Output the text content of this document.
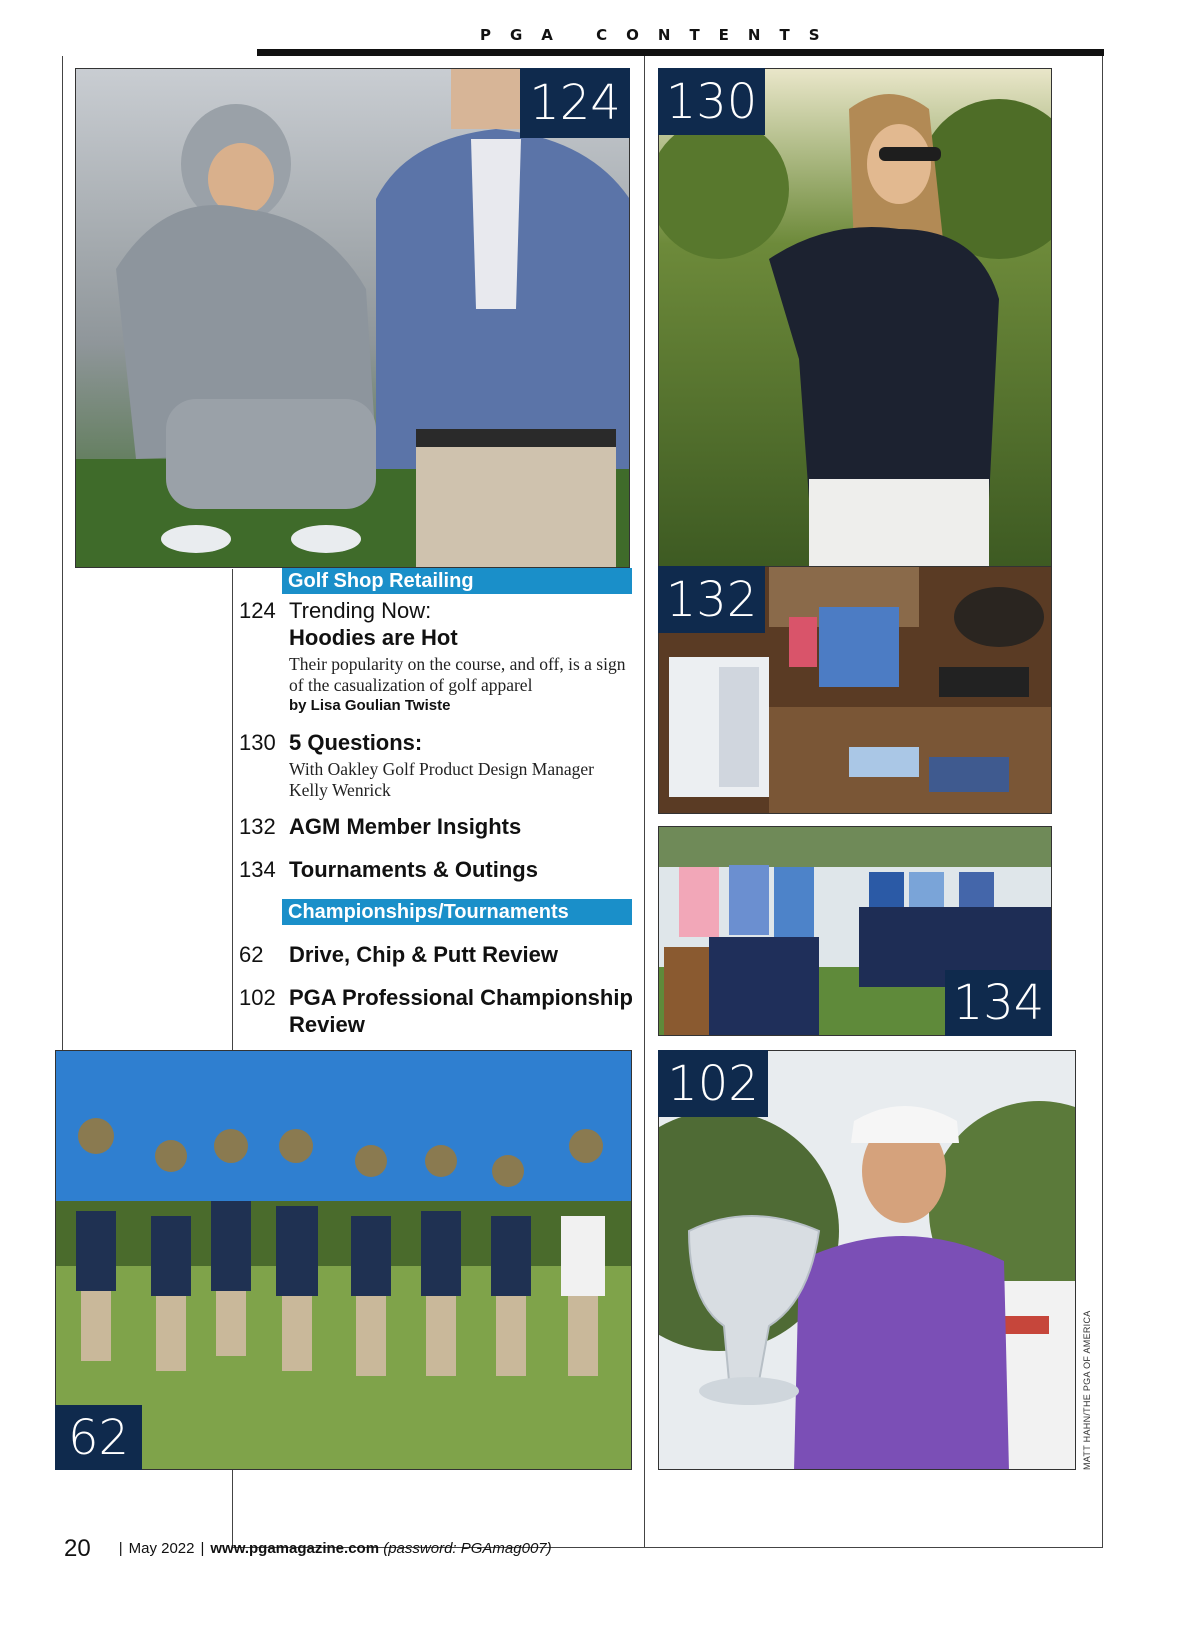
PGA CONTENTS
124 130
132
134
62
102
MATT HAHN/THE PGA OF AMERICA
Golf Shop Retailing
124 Trending Now:
Hoodies are Hot
Their popularity on the course, and off, is a sign of the casualization of golf apparel
by Lisa Goulian Twiste
130 5 Questions:
With Oakley Golf Product Design Manager Kelly Wenrick
132 AGM Member Insights
134 Tournaments & Outings
Championships/Tournaments
62 Drive, Chip & Putt Review
102 PGA Professional Championship Review
20 | May 2022 | www.pgamagazine.com (password: PGAmag007)
